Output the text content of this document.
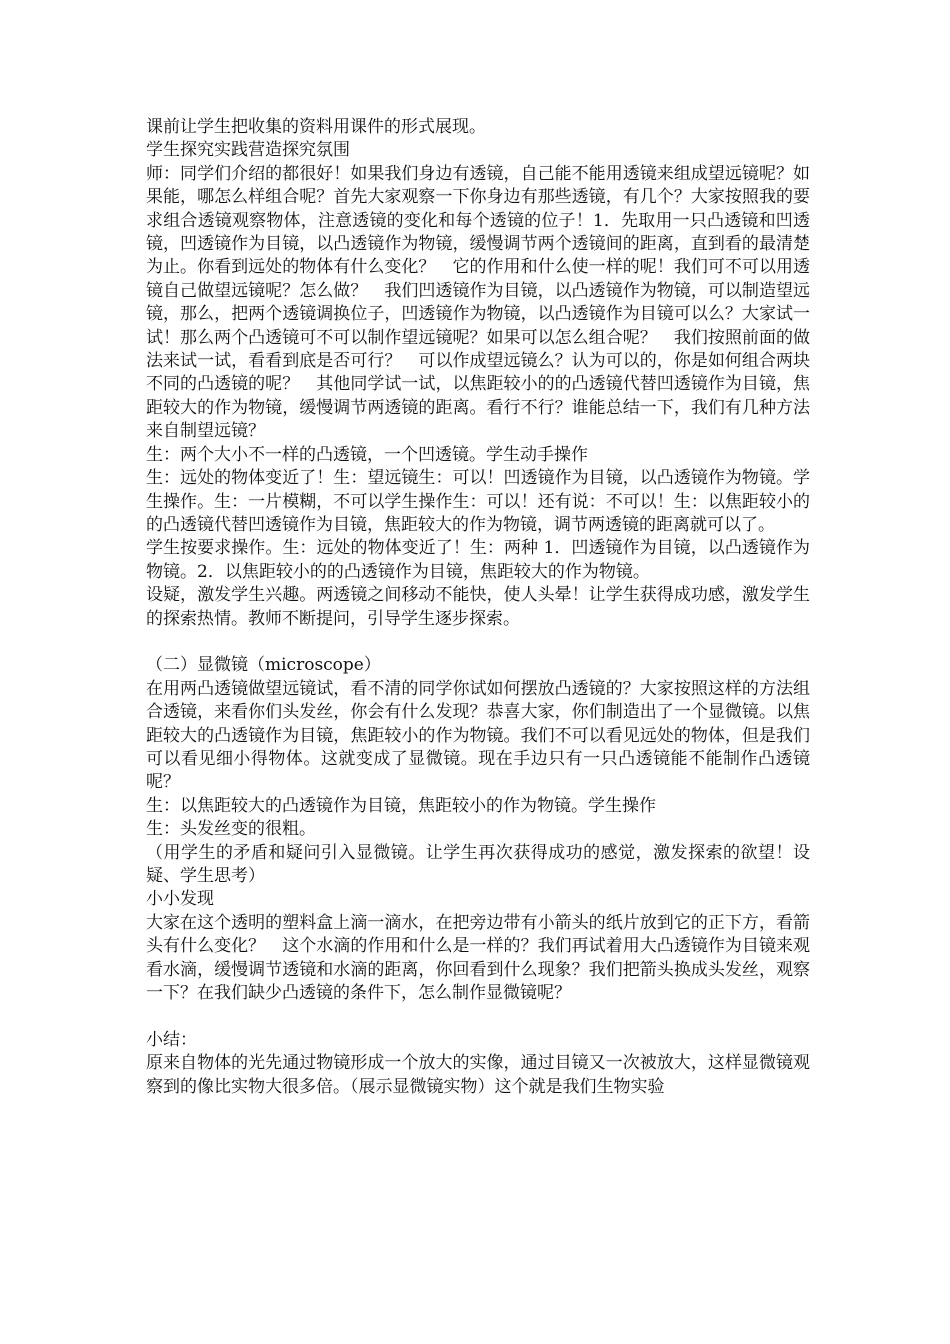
课前让学生把收集的资料用课件的形式展现。

学生探究实践营造探究氛围

师：同学们介绍的都很好！如果我们身边有透镜，自己能不能用透镜来组成望远镜呢？如果能，哪怎么样组合呢？首先大家观察一下你身边有那些透镜，有几个？大家按照我的要求组合透镜观察物体，注意透镜的变化和每个透镜的位子！1．先取用一只凸透镜和凹透镜，凹透镜作为目镜，以凸透镜作为物镜，缓慢调节两个透镜间的距离，直到看的最清楚为止。你看到远处的物体有什么变化？　它的作用和什么使一样的呢！我们可不可以用透镜自己做望远镜呢？怎么做？　我们凹透镜作为目镜，以凸透镜作为物镜，可以制造望远镜，那么，把两个透镜调换位子，凹透镜作为物镜，以凸透镜作为目镜可以么？大家试一试！那么两个凸透镜可不可以制作望远镜呢？如果可以怎么组合呢？　我们按照前面的做法来试一试，看看到底是否可行？　可以作成望远镜么？认为可以的，你是如何组合两块不同的凸透镜的呢？　其他同学试一试，以焦距较小的的凸透镜代替凹透镜作为目镜，焦距较大的作为物镜，缓慢调节两透镜的距离。看行不行？谁能总结一下，我们有几种方法来自制望远镜？

生：两个大小不一样的凸透镜，一个凹透镜。学生动手操作

生：远处的物体变近了！生：望远镜生：可以！凹透镜作为目镜，以凸透镜作为物镜。学生操作。生：一片模糊，不可以学生操作生：可以！还有说：不可以！生：以焦距较小的的凸透镜代替凹透镜作为目镜，焦距较大的作为物镜，调节两透镜的距离就可以了。

学生按要求操作。生：远处的物体变近了！生：两种 1．凹透镜作为目镜，以凸透镜作为物镜。2．以焦距较小的的凸透镜作为目镜，焦距较大的作为物镜。

设疑，激发学生兴趣。两透镜之间移动不能快，使人头晕！让学生获得成功感，激发学生的探索热情。教师不断提问，引导学生逐步探索。

（二）显微镜（microscope）

在用两凸透镜做望远镜试，看不清的同学你试如何摆放凸透镜的？大家按照这样的方法组合透镜，来看你们头发丝，你会有什么发现？恭喜大家，你们制造出了一个显微镜。以焦距较大的凸透镜作为目镜，焦距较小的作为物镜。我们不可以看见远处的物体，但是我们可以看见细小得物体。这就变成了显微镜。现在手边只有一只凸透镜能不能制作凸透镜呢？

生：以焦距较大的凸透镜作为目镜，焦距较小的作为物镜。学生操作

生：头发丝变的很粗。

（用学生的矛盾和疑问引入显微镜。让学生再次获得成功的感觉，激发探索的欲望！设疑、学生思考）

小小发现

大家在这个透明的塑料盒上滴一滴水，在把旁边带有小箭头的纸片放到它的正下方，看箭头有什么变化？　这个水滴的作用和什么是一样的？我们再试着用大凸透镜作为目镜来观看水滴，缓慢调节透镜和水滴的距离，你回看到什么现象？我们把箭头换成头发丝，观察一下？在我们缺少凸透镜的条件下，怎么制作显微镜呢？

小结：

原来自物体的光先通过物镜形成一个放大的实像，通过目镜又一次被放大，这样显微镜观察到的像比实物大很多倍。（展示显微镜实物）这个就是我们生物实验
